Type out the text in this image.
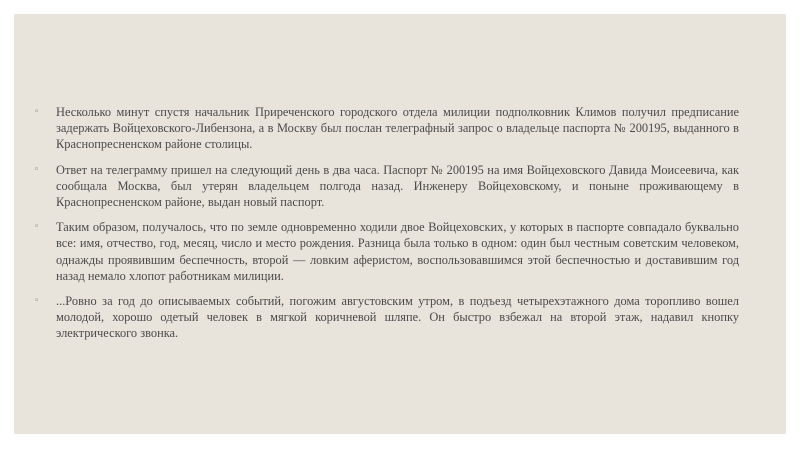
◦ Несколько минут спустя начальник Приреченского городского отдела милиции подполковник Климов получил предписание задержать Войцеховского-Либензона, а в Москву был послан телеграфный запрос о владельце паспорта № 200195, выданного в Краснопресненском районе столицы.

◦ Ответ на телеграмму пришел на следующий день в два часа. Паспорт № 200195 на имя Войцеховского Давида Моисеевича, как сообщала Москва, был утерян владельцем полгода назад. Инженеру Войцеховскому, и поныне проживающему в Краснопресненском районе, выдан новый паспорт.

◦ Таким образом, получалось, что по земле одновременно ходили двое Войцеховских, у которых в паспорте совпадало буквально все: имя, отчество, год, месяц, число и место рождения. Разница была только в одном: один был честным советским человеком, однажды проявившим беспечность, второй — ловким аферистом, воспользовавшимся этой беспечностью и доставившим год назад немало хлопот работникам милиции.

◦ ...Ровно за год до описываемых событий, погожим августовским утром, в подъезд четырехэтажного дома торопливо вошел молодой, хорошо одетый человек в мягкой коричневой шляпе. Он быстро взбежал на второй этаж, надавил кнопку электрического звонка.
